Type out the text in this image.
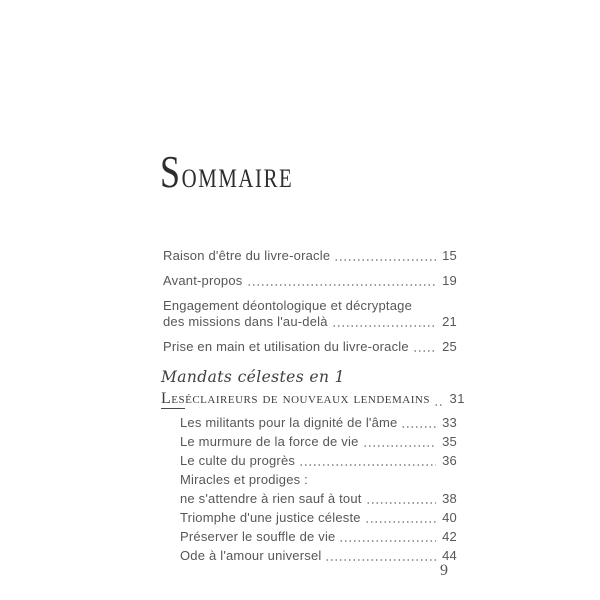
SOMMAIRE
Raison d'être du livre-oracle	15
Avant-propos	19
Engagement déontologique et décryptage
des missions dans l'au-delà	21
Prise en main et utilisation du livre-oracle	25
Mandats célestes en 1
Les éclaireurs de nouveaux lendemains 31
Les militants pour la dignité de l'âme	33
Le murmure de la force de vie	35
Le culte du progrès	36
Miracles et prodiges :
ne s'attendre à rien sauf à tout	38
Triomphe d'une justice céleste	40
Préserver le souffle de vie	42
Ode à l'amour universel	44
9
